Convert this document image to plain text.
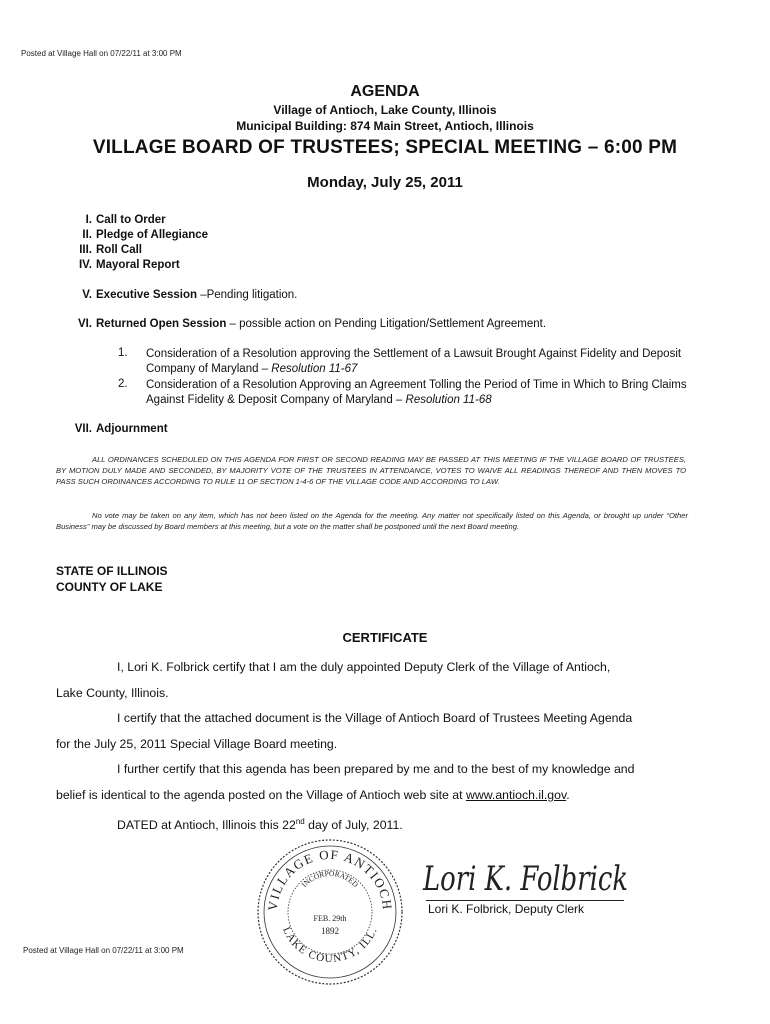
Posted at Village Hall on 07/22/11 at 3:00 PM
AGENDA
Village of Antioch, Lake County, Illinois
Municipal Building: 874 Main Street, Antioch, Illinois
VILLAGE BOARD OF TRUSTEES; SPECIAL MEETING – 6:00 PM
Monday, July 25, 2011
I. Call to Order
II. Pledge of Allegiance
III. Roll Call
IV. Mayoral Report
V. Executive Session –Pending litigation.
VI. Returned Open Session – possible action on Pending Litigation/Settlement Agreement.
VII. Adjournment
1.	Consideration of a Resolution approving the Settlement of a Lawsuit Brought Against Fidelity and Deposit Company of Maryland – Resolution 11-67
2.	Consideration of a Resolution Approving an Agreement Tolling the Period of Time in Which to Bring Claims Against Fidelity & Deposit Company of Maryland – Resolution 11-68
ALL ORDINANCES SCHEDULED ON THIS AGENDA FOR FIRST OR SECOND READING MAY BE PASSED AT THIS MEETING IF THE VILLAGE BOARD OF TRUSTEES, BY MOTION DULY MADE AND SECONDED, BY MAJORITY VOTE OF THE TRUSTEES IN ATTENDANCE, VOTES TO WAIVE ALL READINGS THEREOF AND THEN MOVES TO PASS SUCH ORDINANCES ACCORDING TO RULE 11 OF SECTION 1-4-6 OF THE VILLAGE CODE AND ACCORDING TO LAW.
No vote may be taken on any item, which has not been listed on the Agenda for the meeting. Any matter not specifically listed on this Agenda, or brought up under “Other Business” may be discussed by Board members at this meeting, but a vote on the matter shall be postponed until the next Board meeting.
STATE OF ILLINOIS
COUNTY OF LAKE
CERTIFICATE

I, Lori K. Folbrick certify that I am the duly appointed Deputy Clerk of the Village of Antioch,

Lake County, Illinois.

I certify that the attached document is the Village of Antioch Board of Trustees Meeting Agenda

for the July 25, 2011 Special Village Board meeting.

I further certify that this agenda has been prepared by me and to the best of my knowledge and

belief is identical to the agenda posted on the Village of Antioch web site at www.antioch.il.gov.

DATED at Antioch, Illinois this 22nd day of July, 2011.

VILLAGE OF ANTIOCH
LAKE COUNTY, ILL.
INCORPORATED
FEB. 29th
1892
Lori K. Folbrick
Lori K. Folbrick, Deputy Clerk
Posted at Village Hall on 07/22/11 at 3:00 PM
